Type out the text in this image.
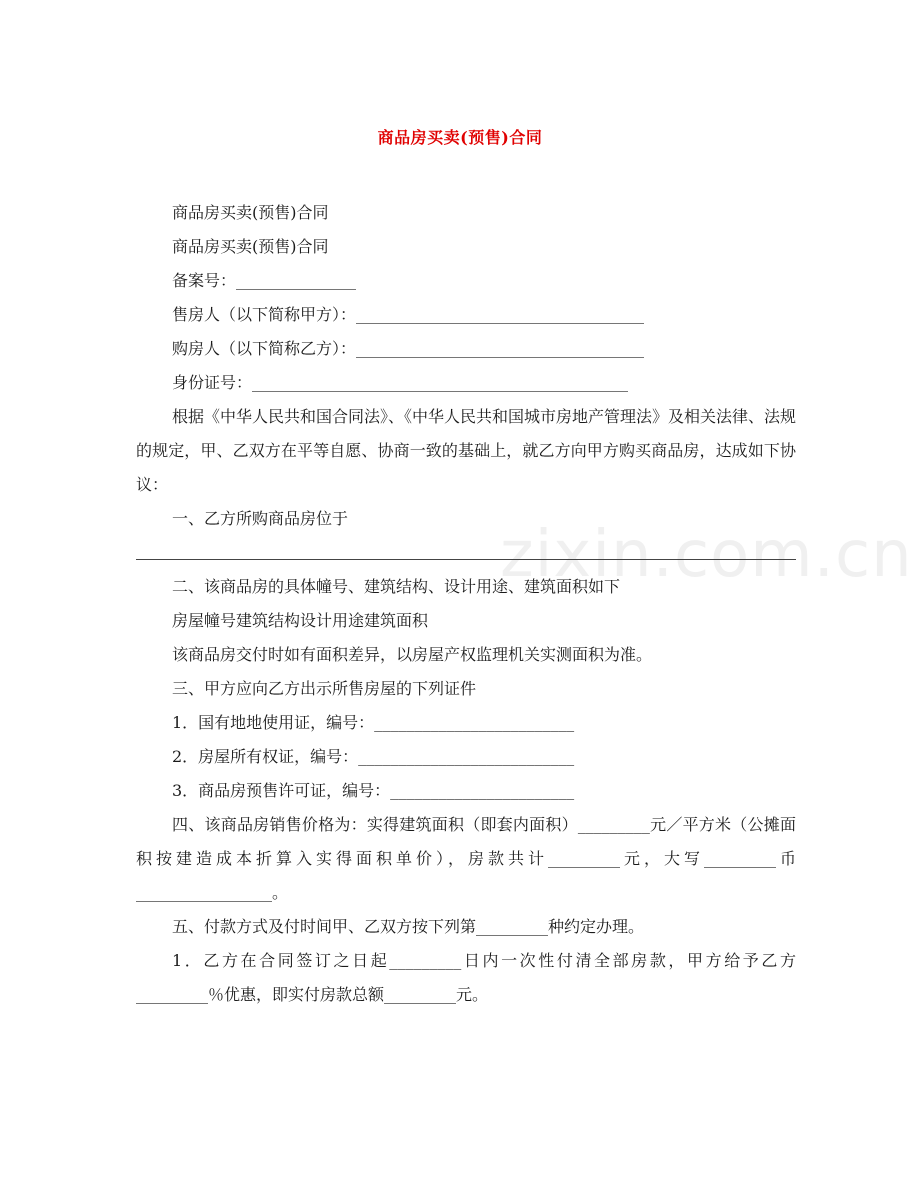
商品房买卖(预售)合同
zixin.com.cn
商品房买卖(预售)合同
商品房买卖(预售)合同
备案号：_______________
售房人（以下简称甲方）：____________________________________
购房人（以下简称乙方）：____________________________________
身份证号：_______________________________________________
根据《中华人民共和国合同法》、《中华人民共和国城市房地产管理法》及相关法律、法规的规定，甲、乙双方在平等自愿、协商一致的基础上，就乙方向甲方购买商品房，达成如下协议：
一、乙方所购商品房位于
二、该商品房的具体幢号、建筑结构、设计用途、建筑面积如下
房屋幢号建筑结构设计用途建筑面积
该商品房交付时如有面积差异，以房屋产权监理机关实测面积为准。
三、甲方应向乙方出示所售房屋的下列证件
1．国有地地使用证，编号：_________________________
2．房屋所有权证，编号：___________________________
3．商品房预售许可证，编号：_______________________
四、该商品房销售价格为：实得建筑面积（即套内面积）_________元／平方米（公摊面积按建造成本折算入实得面积单价），房款共计_________元，大写_________币_________________。
五、付款方式及付时间甲、乙双方按下列第_________种约定办理。
1．乙方在合同签订之日起_________日内一次性付清全部房款，甲方给予乙方_________％优惠，即实付房款总额_________元。
